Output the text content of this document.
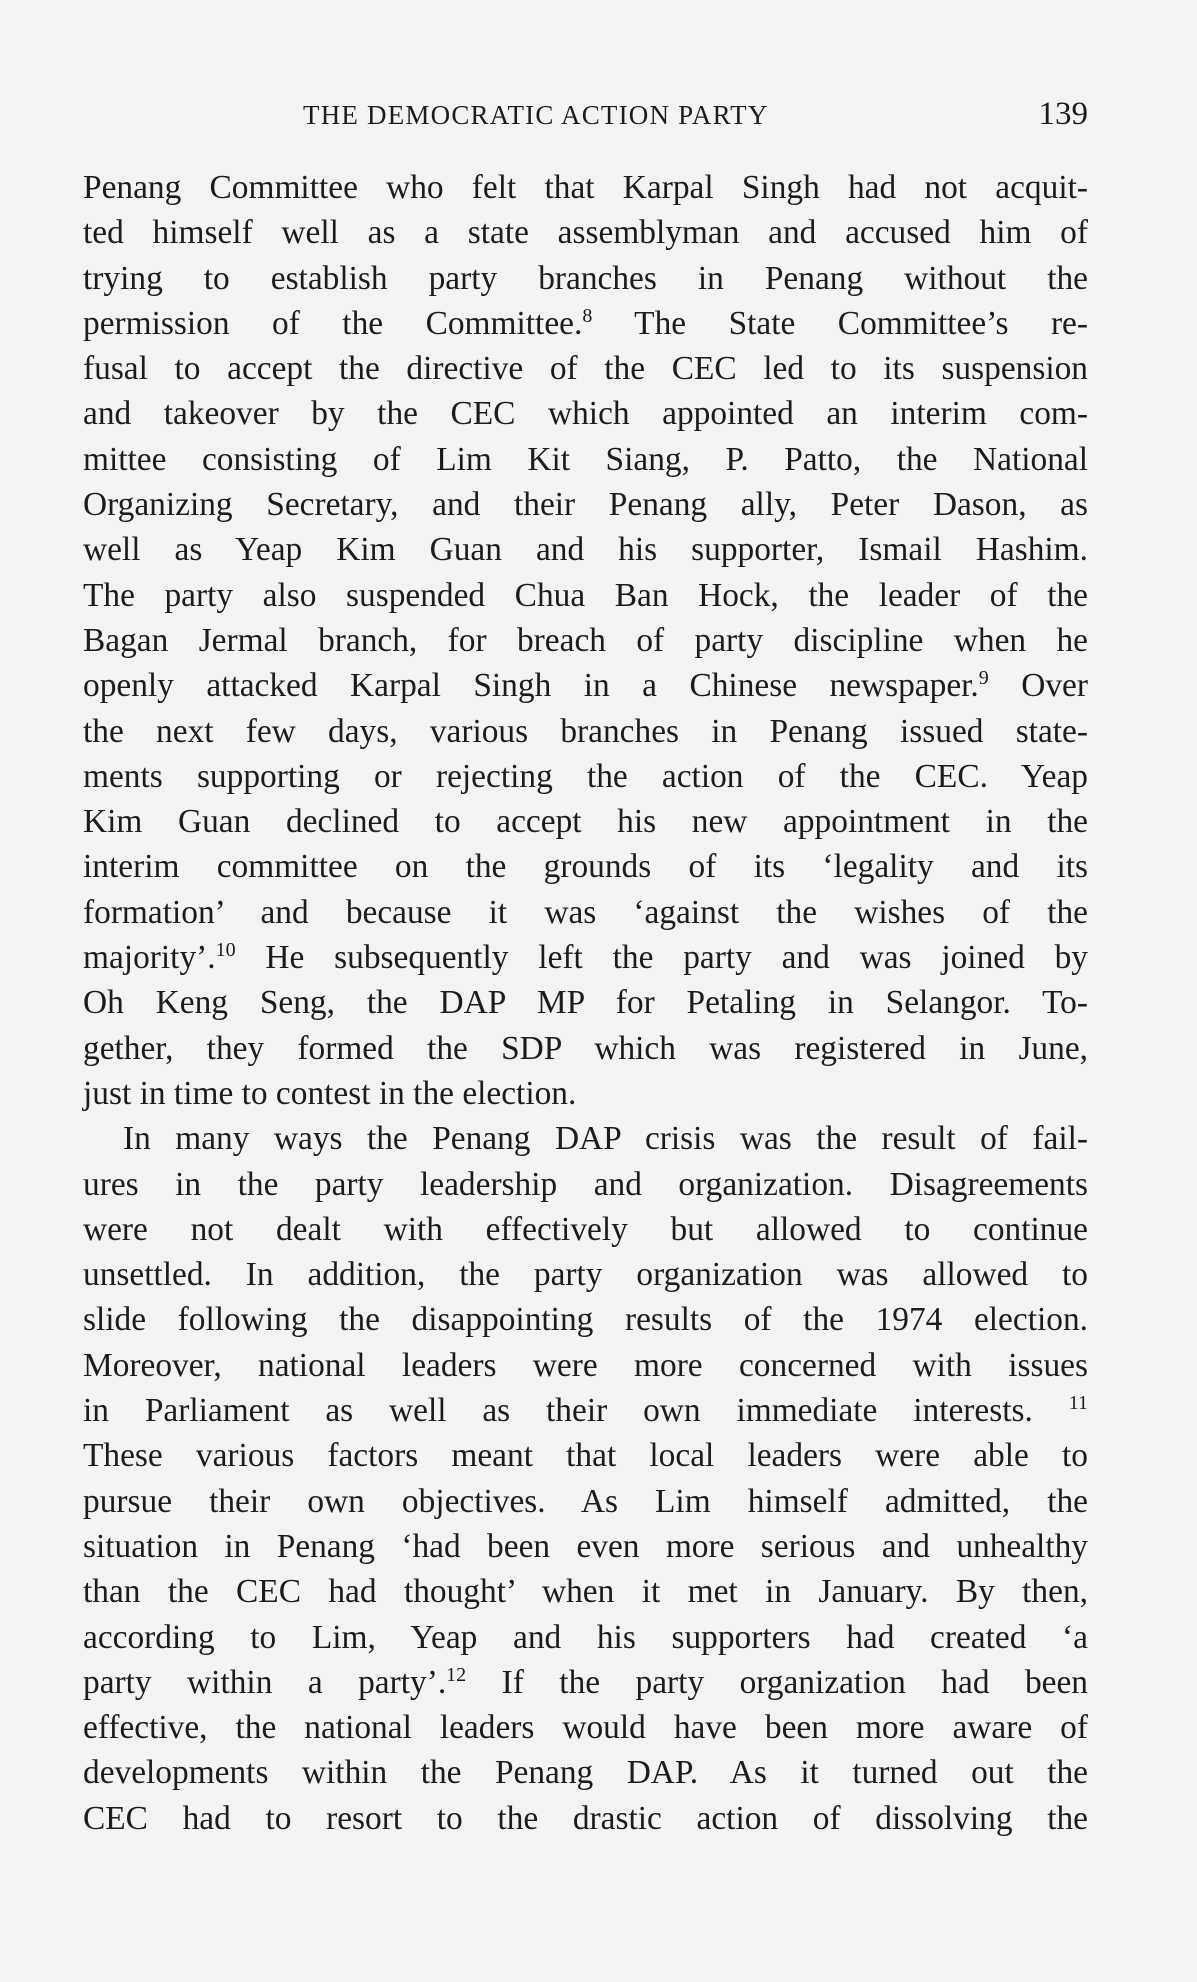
THE DEMOCRATIC ACTION PARTY	139
Penang Committee who felt that Karpal Singh had not acquit-
ted himself well as a state assemblyman and accused him of
trying to establish party branches in Penang without the
permission of the Committee.$^8$ The State Committee’s re-
fusal to accept the directive of the CEC led to its suspension
and takeover by the CEC which appointed an interim com-
mittee consisting of Lim Kit Siang, P. Patto, the National
Organizing Secretary, and their Penang ally, Peter Dason, as
well as Yeap Kim Guan and his supporter, Ismail Hashim.
The party also suspended Chua Ban Hock, the leader of the
Bagan Jermal branch, for breach of party discipline when he
openly attacked Karpal Singh in a Chinese newspaper.$^9$ Over
the next few days, various branches in Penang issued state-
ments supporting or rejecting the action of the CEC. Yeap
Kim Guan declined to accept his new appointment in the
interim committee on the grounds of its ‘legality and its
formation’ and because it was ‘against the wishes of the
majority’.$^{10}$ He subsequently left the party and was joined by
Oh Keng Seng, the DAP MP for Petaling in Selangor. To-
gether, they formed the SDP which was registered in June,
just in time to contest in the election.
In many ways the Penang DAP crisis was the result of fail-
ures in the party leadership and organization. Disagreements
were not dealt with effectively but allowed to continue
unsettled. In addition, the party organization was allowed to
slide following the disappointing results of the 1974 election.
Moreover, national leaders were more concerned with issues
in Parliament as well as their own immediate interests. $^{11}$
These various factors meant that local leaders were able to
pursue their own objectives. As Lim himself admitted, the
situation in Penang ‘had been even more serious and unhealthy
than the CEC had thought’ when it met in January. By then,
according to Lim, Yeap and his supporters had created ‘a
party within a party’.$^{12}$ If the party organization had been
effective, the national leaders would have been more aware of
developments within the Penang DAP. As it turned out the
CEC had to resort to the drastic action of dissolving the
